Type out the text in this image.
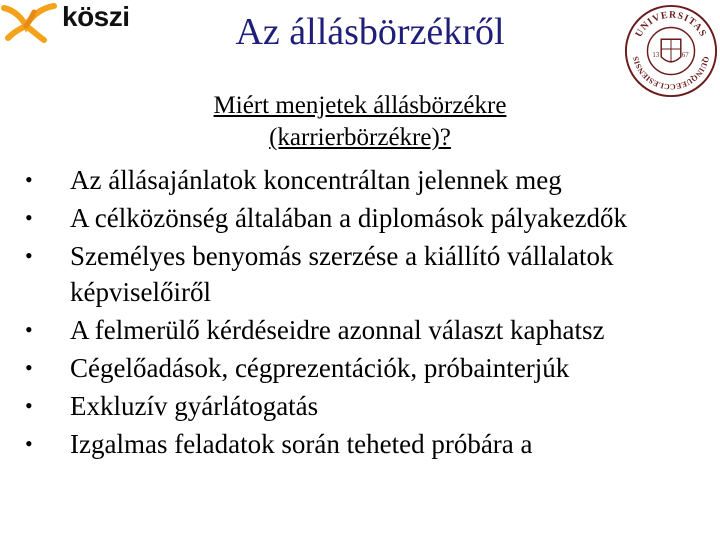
köszi	Az állásbörzékről	UNIVERSITAS
QUINQUEECCLESIENSIS	13	67
Miért menjetek állásbörzékre (karrierbörzékre)?
• Az állásajánlatok koncentráltan jelennek meg
• A célközönség általában a diplomások pályakezdők
• Személyes benyomás szerzése a kiállító vállalatok képviselőiről
• A felmerülő kérdéseidre azonnal választ kaphatsz
• Cégelőadások, cégprezentációk, próbainterjúk
• Exkluzív gyárlátogatás
• Izgalmas feladatok során teheted próbára a
